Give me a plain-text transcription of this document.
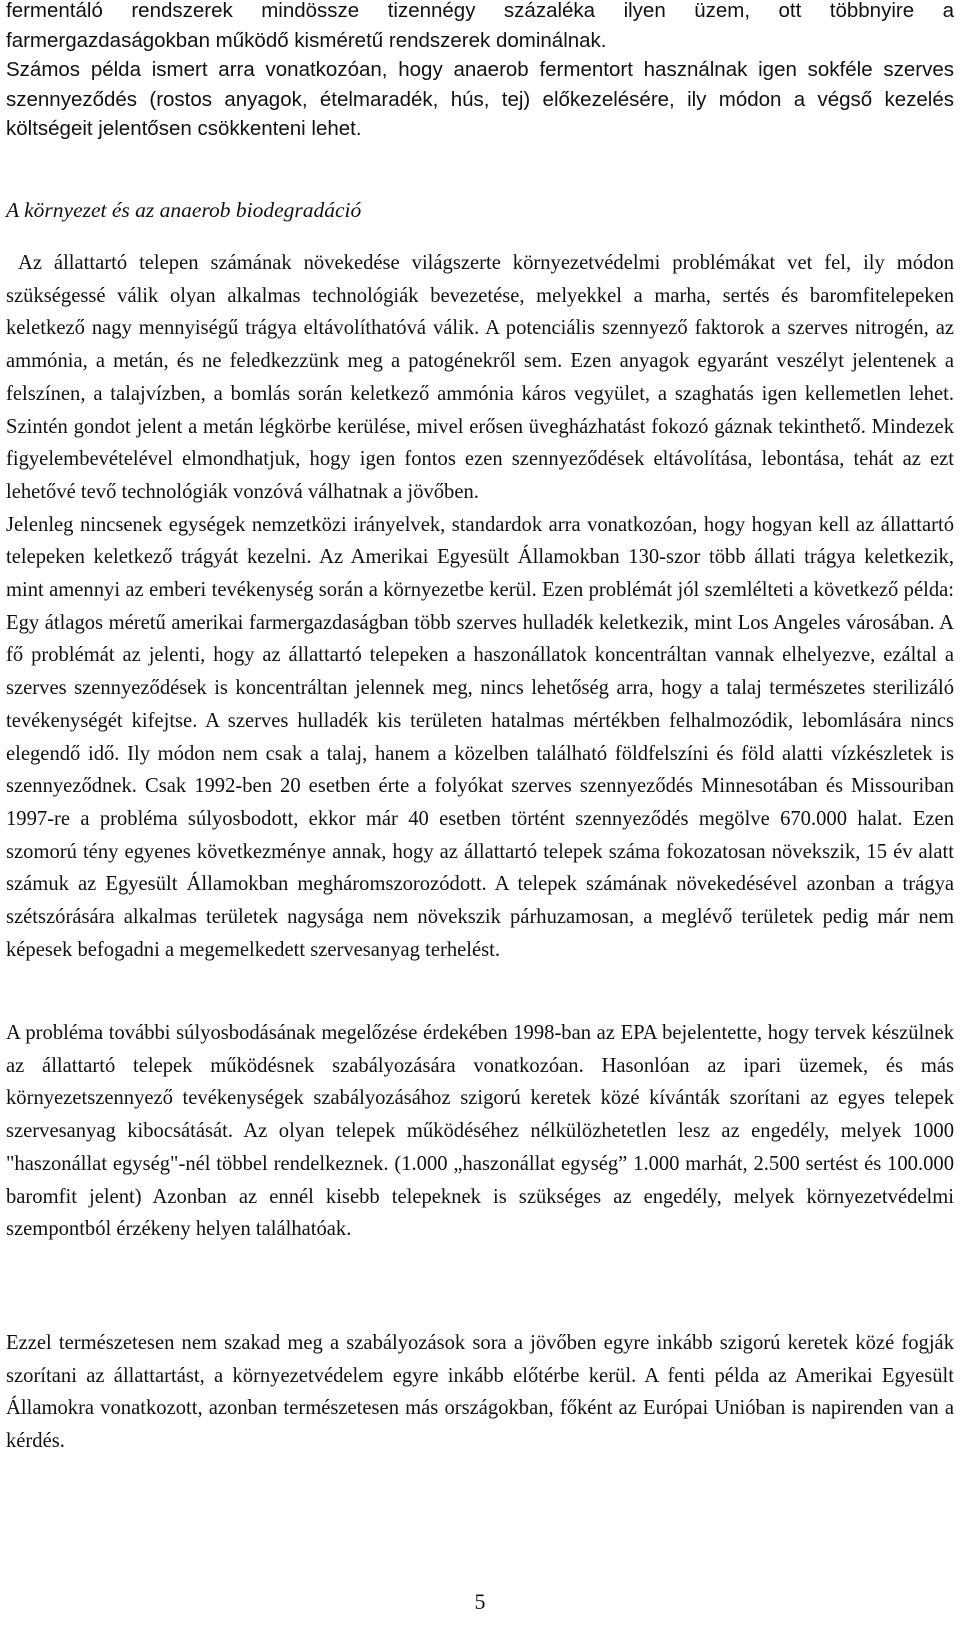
fermentáló rendszerek mindössze tizennégy százaléka ilyen üzem, ott többnyire a farmergazdaságokban működő kisméretű rendszerek dominálnak.
Számos példa ismert arra vonatkozóan, hogy anaerob fermentort használnak igen sokféle szerves szennyeződés (rostos anyagok, ételmaradék, hús, tej) előkezelésére, ily módon a végső kezelés költségeit jelentősen csökkenteni lehet.
A környezet és az anaerob biodegradáció
Az állattartó telepen számának növekedése világszerte környezetvédelmi problémákat vet fel, ily módon szükségessé válik olyan alkalmas technológiák bevezetése, melyekkel a marha, sertés és baromfitelepeken keletkező nagy mennyiségű trágya eltávolíthatóvá válik. A potenciális szennyező faktorok a szerves nitrogén, az ammónia, a metán, és ne feledkezzünk meg a patogénekről sem. Ezen anyagok egyaránt veszélyt jelentenek a felszínen, a talajvízben, a bomlás során keletkező ammónia káros vegyület, a szaghatás igen kellemetlen lehet. Szintén gondot jelent a metán légkörbe kerülése, mivel erősen üvegházhatást fokozó gáznak tekinthető. Mindezek figyelembevételével elmondhatjuk, hogy igen fontos ezen szennyeződések eltávolítása, lebontása, tehát az ezt lehetővé tevő technológiák vonzóvá válhatnak a jövőben.
Jelenleg nincsenek egységek nemzetközi irányelvek, standardok arra vonatkozóan, hogy hogyan kell az állattartó telepeken keletkező trágyát kezelni. Az Amerikai Egyesült Államokban 130-szor több állati trágya keletkezik, mint amennyi az emberi tevékenység során a környezetbe kerül. Ezen problémát jól szemlélteti a következő példa: Egy átlagos méretű amerikai farmergazdaságban több szerves hulladék keletkezik, mint Los Angeles városában. A fő problémát az jelenti, hogy az állattartó telepeken a haszonállatok koncentráltan vannak elhelyezve, ezáltal a szerves szennyeződések is koncentráltan jelennek meg, nincs lehetőség arra, hogy a talaj természetes sterilizáló tevékenységét kifejtse. A szerves hulladék kis területen hatalmas mértékben felhalmozódik, lebomlására nincs elegendő idő. Ily módon nem csak a talaj, hanem a közelben található földfelszíni és föld alatti vízkészletek is szennyeződnek. Csak 1992-ben 20 esetben érte a folyókat szerves szennyeződés Minnesotában és Missouriban 1997-re a probléma súlyosbodott, ekkor már 40 esetben történt szennyeződés megölve 670.000 halat. Ezen szomorú tény egyenes következménye annak, hogy az állattartó telepek száma fokozatosan növekszik, 15 év alatt számuk az Egyesült Államokban megháromszorozódott. A telepek számának növekedésével azonban a trágya szétszórására alkalmas területek nagysága nem növekszik párhuzamosan, a meglévő területek pedig már nem képesek befogadni a megemelkedett szervesanyag terhelést.
A probléma további súlyosbodásának megelőzése érdekében 1998-ban az EPA bejelentette, hogy tervek készülnek az állattartó telepek működésnek szabályozására vonatkozóan. Hasonlóan az ipari üzemek, és más környezetszennyező tevékenységek szabályozásához szigorú keretek közé kívánták szorítani az egyes telepek szervesanyag kibocsátását. Az olyan telepek működéséhez nélkülözhetetlen lesz az engedély, melyek 1000 "haszonállat egység"-nél többel rendelkeznek. (1.000 „haszonállat egység” 1.000 marhát, 2.500 sertést és 100.000 baromfit jelent) Azonban az ennél kisebb telepeknek is szükséges az engedély, melyek környezetvédelmi szempontból érzékeny helyen találhatóak.
Ezzel természetesen nem szakad meg a szabályozások sora a jövőben egyre inkább szigorú keretek közé fogják szorítani az állattartást, a környezetvédelem egyre inkább előtérbe kerül. A fenti példa az Amerikai Egyesült Államokra vonatkozott, azonban természetesen más országokban, főként az Európai Unióban is napirenden van a kérdés.
5
